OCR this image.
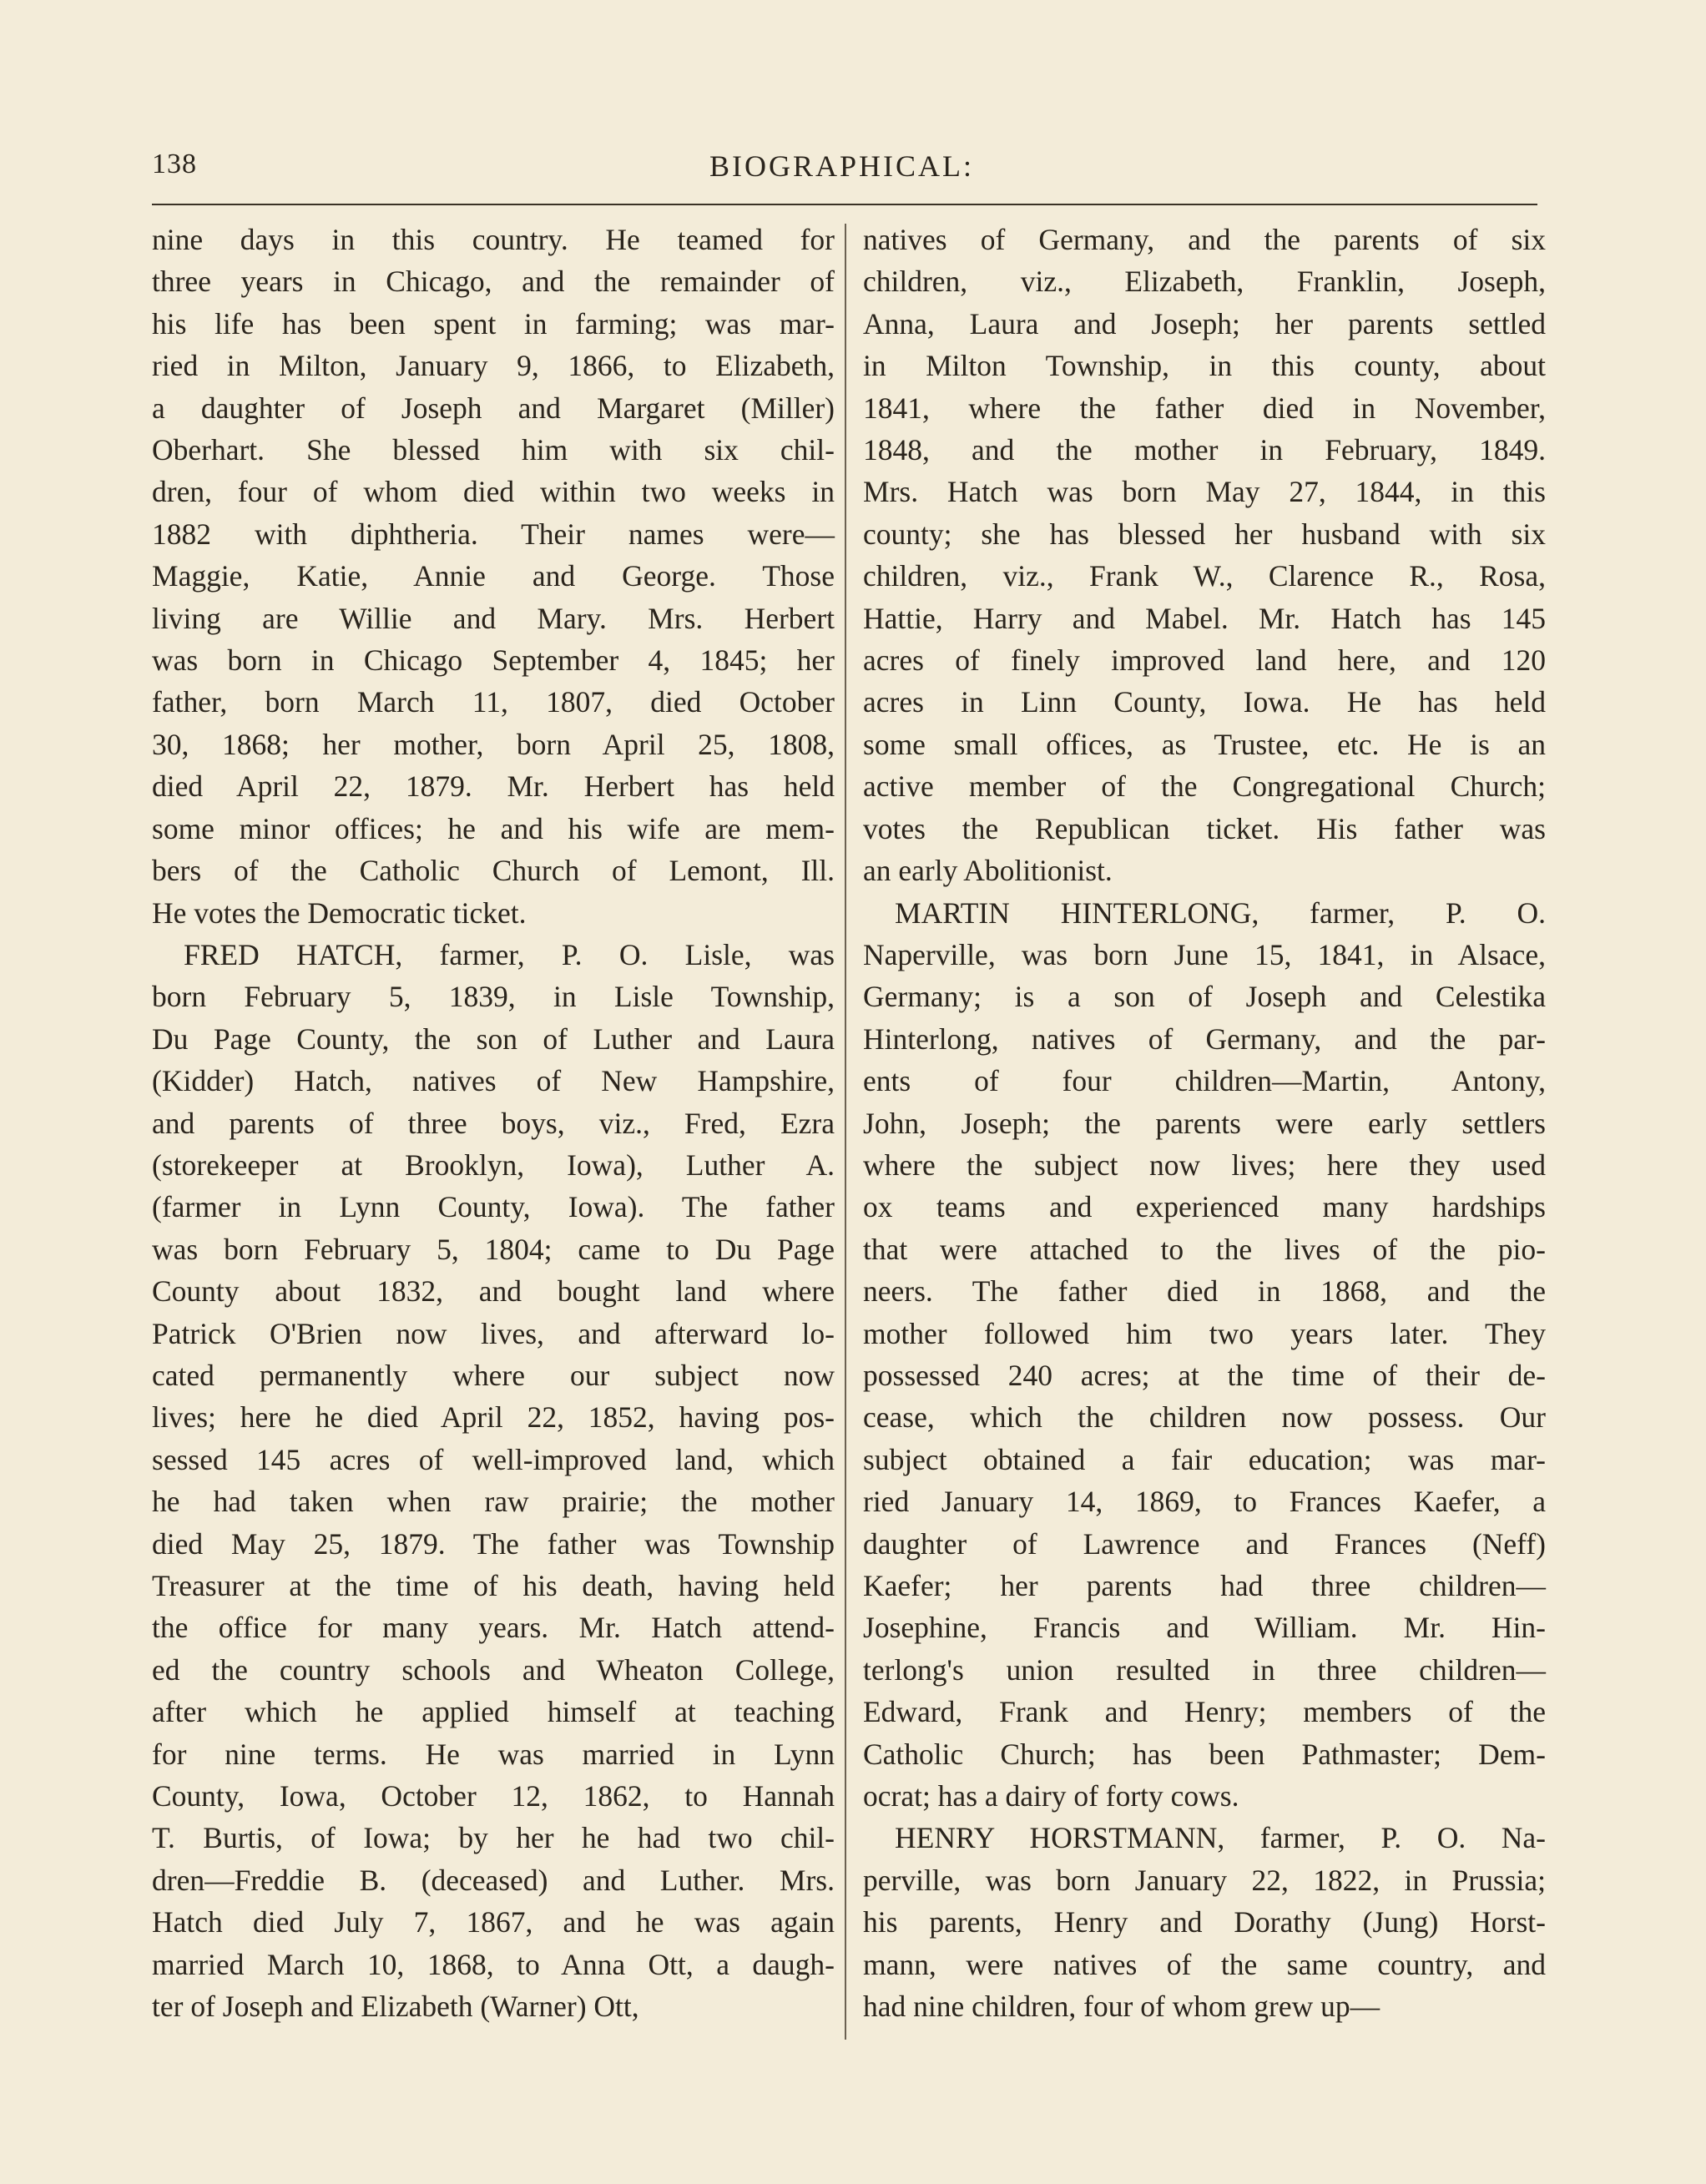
138	BIOGRAPHICAL:

nine days in this country. He teamed for

three years in Chicago, and the remainder of

his life has been spent in farming; was mar-

ried in Milton, January 9, 1866, to Elizabeth,

a daughter of Joseph and Margaret (Miller)

Oberhart. She blessed him with six chil-

dren, four of whom died within two weeks in

1882 with diphtheria. Their names were—

Maggie, Katie, Annie and George. Those

living are Willie and Mary. Mrs. Herbert

was born in Chicago September 4, 1845; her

father, born March 11, 1807, died October

30, 1868; her mother, born April 25, 1808,

died April 22, 1879. Mr. Herbert has held

some minor offices; he and his wife are mem-

bers of the Catholic Church of Lemont, Ill.

He votes the Democratic ticket.

FRED HATCH, farmer, P. O. Lisle, was

born February 5, 1839, in Lisle Township,

Du Page County, the son of Luther and Laura

(Kidder) Hatch, natives of New Hampshire,

and parents of three boys, viz., Fred, Ezra

(storekeeper at Brooklyn, Iowa), Luther A.

(farmer in Lynn County, Iowa). The father

was born February 5, 1804; came to Du Page

County about 1832, and bought land where

Patrick O'Brien now lives, and afterward lo-

cated permanently where our subject now

lives; here he died April 22, 1852, having pos-

sessed 145 acres of well-improved land, which

he had taken when raw prairie; the mother

died May 25, 1879. The father was Township

Treasurer at the time of his death, having held

the office for many years. Mr. Hatch attend-

ed the country schools and Wheaton College,

after which he applied himself at teaching

for nine terms. He was married in Lynn

County, Iowa, October 12, 1862, to Hannah

T. Burtis, of Iowa; by her he had two chil-

dren—Freddie B. (deceased) and Luther. Mrs.

Hatch died July 7, 1867, and he was again

married March 10, 1868, to Anna Ott, a daugh-

ter of Joseph and Elizabeth (Warner) Ott,

natives of Germany, and the parents of six

children, viz., Elizabeth, Franklin, Joseph,

Anna, Laura and Joseph; her parents settled

in Milton Township, in this county, about

1841, where the father died in November,

1848, and the mother in February, 1849.

Mrs. Hatch was born May 27, 1844, in this

county; she has blessed her husband with six

children, viz., Frank W., Clarence R., Rosa,

Hattie, Harry and Mabel. Mr. Hatch has 145

acres of finely improved land here, and 120

acres in Linn County, Iowa. He has held

some small offices, as Trustee, etc. He is an

active member of the Congregational Church;

votes the Republican ticket. His father was

an early Abolitionist.

MARTIN HINTERLONG, farmer, P. O.

Naperville, was born June 15, 1841, in Alsace,

Germany; is a son of Joseph and Celestika

Hinterlong, natives of Germany, and the par-

ents of four children—Martin, Antony,

John, Joseph; the parents were early settlers

where the subject now lives; here they used

ox teams and experienced many hardships

that were attached to the lives of the pio-

neers. The father died in 1868, and the

mother followed him two years later. They

possessed 240 acres; at the time of their de-

cease, which the children now possess. Our

subject obtained a fair education; was mar-

ried January 14, 1869, to Frances Kaefer, a

daughter of Lawrence and Frances (Neff)

Kaefer; her parents had three children—

Josephine, Francis and William. Mr. Hin-

terlong's union resulted in three children—

Edward, Frank and Henry; members of the

Catholic Church; has been Pathmaster; Dem-

ocrat; has a dairy of forty cows.

HENRY HORSTMANN, farmer, P. O. Na-

perville, was born January 22, 1822, in Prussia;

his parents, Henry and Dorathy (Jung) Horst-

mann, were natives of the same country, and

had nine children, four of whom grew up—
